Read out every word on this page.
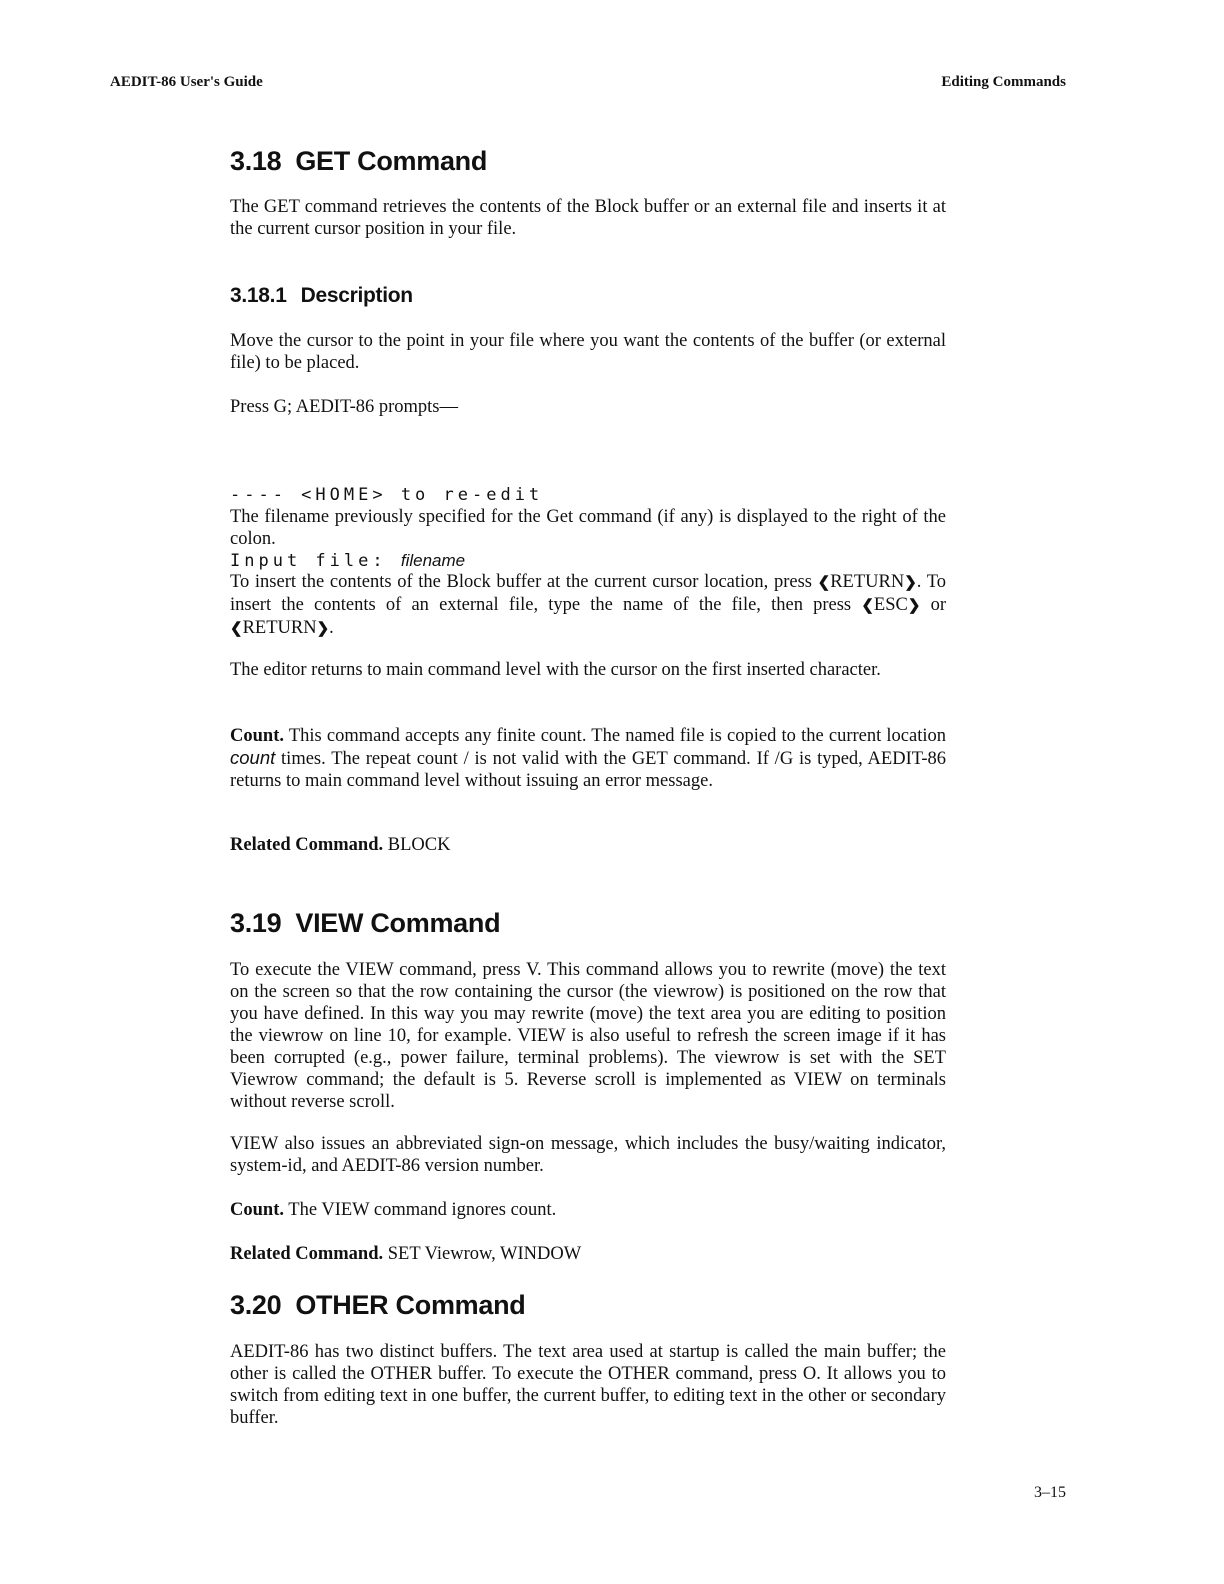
AEDIT-86 User's Guide	Editing Commands
3.18 GET Command

The GET command retrieves the contents of the Block buffer or an external file and inserts it at the current cursor position in your file.

3.18.1 Description

Move the cursor to the point in your file where you want the contents of the buffer (or external file) to be placed.

Press G; AEDIT-86 prompts—

---- <HOME> to re-edit

Input file: filename

The filename previously specified for the Get command (if any) is displayed to the right of the colon.

To insert the contents of the Block buffer at the current cursor location, press ❮RETURN❯. To insert the contents of an external file, type the name of the file, then press ❮ESC❯ or ❮RETURN❯.

The editor returns to main command level with the cursor on the first inserted character.

Count. This command accepts any finite count. The named file is copied to the current location count times. The repeat count / is not valid with the GET command. If /G is typed, AEDIT-86 returns to main command level without issuing an error message.

Related Command. BLOCK

3.19 VIEW Command

To execute the VIEW command, press V. This command allows you to rewrite (move) the text on the screen so that the row containing the cursor (the viewrow) is positioned on the row that you have defined. In this way you may rewrite (move) the text area you are editing to position the viewrow on line 10, for example. VIEW is also useful to refresh the screen image if it has been corrupted (e.g., power failure, terminal problems). The viewrow is set with the SET Viewrow command; the default is 5. Reverse scroll is implemented as VIEW on terminals without reverse scroll.

VIEW also issues an abbreviated sign-on message, which includes the busy/waiting indicator, system-id, and AEDIT-86 version number.

Count. The VIEW command ignores count.

Related Command. SET Viewrow, WINDOW

3.20 OTHER Command

AEDIT-86 has two distinct buffers. The text area used at startup is called the main buffer; the other is called the OTHER buffer. To execute the OTHER command, press O. It allows you to switch from editing text in one buffer, the current buffer, to editing text in the other or secondary buffer.

3–15
